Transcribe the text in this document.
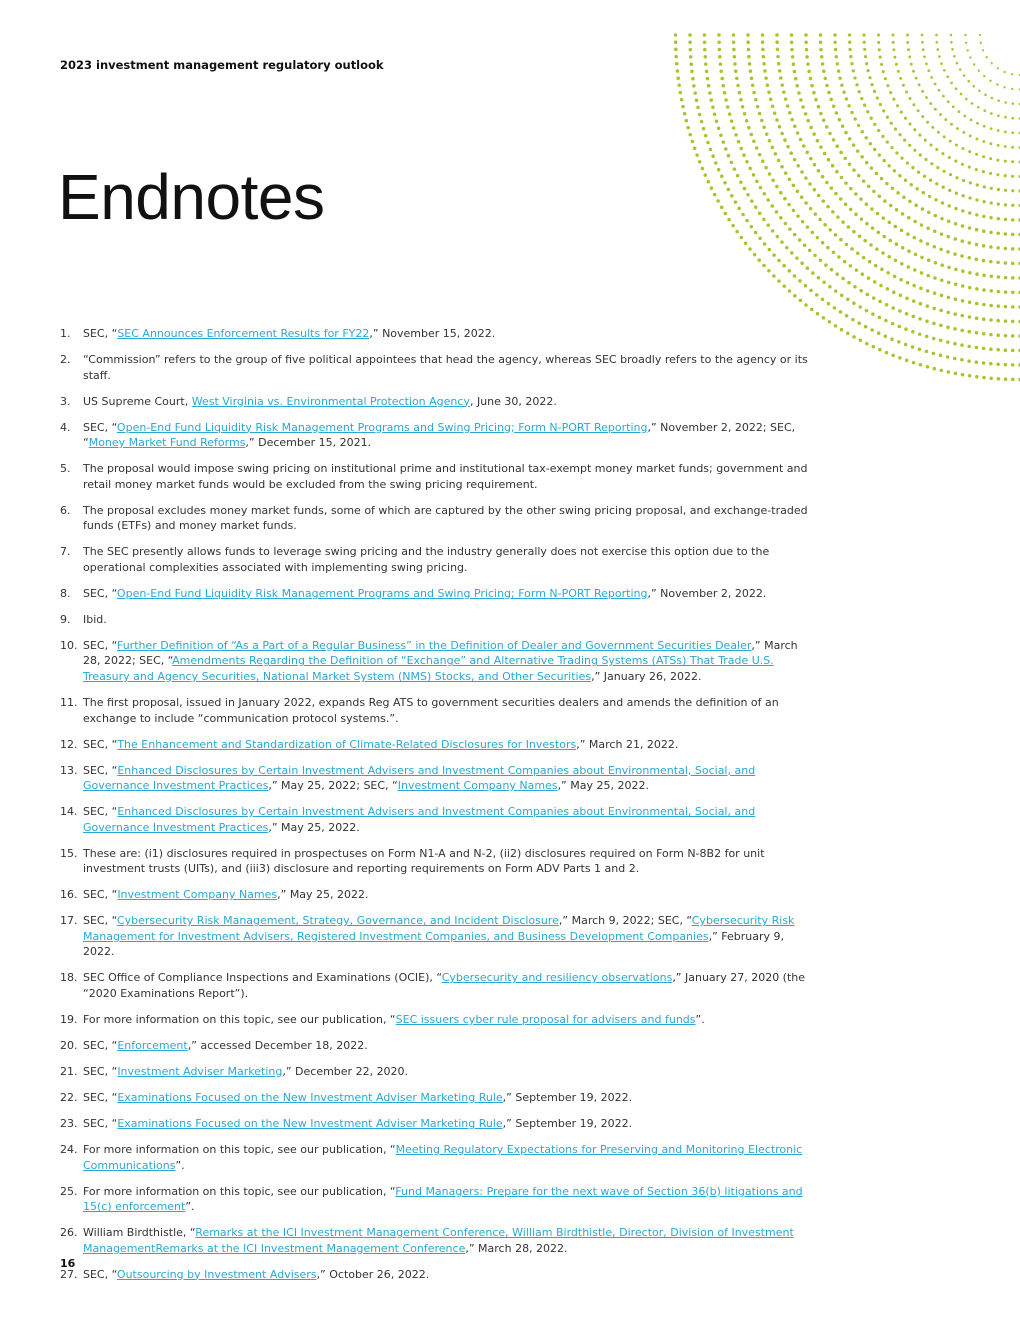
2023 investment management regulatory outlook
Endnotes
1. SEC, “SEC Announces Enforcement Results for FY22,” November 15, 2022.
2. “Commission” refers to the group of five political appointees that head the agency, whereas SEC broadly refers to the agency or its staff.
3. US Supreme Court, West Virginia vs. Environmental Protection Agency, June 30, 2022.
4. SEC, “Open-End Fund Liquidity Risk Management Programs and Swing Pricing; Form N-PORT Reporting,” November 2, 2022; SEC, “Money Market Fund Reforms,” December 15, 2021.
5. The proposal would impose swing pricing on institutional prime and institutional tax-exempt money market funds; government and retail money market funds would be excluded from the swing pricing requirement.
6. The proposal excludes money market funds, some of which are captured by the other swing pricing proposal, and exchange-traded funds (ETFs) and money market funds.
7. The SEC presently allows funds to leverage swing pricing and the industry generally does not exercise this option due to the operational complexities associated with implementing swing pricing.
8. SEC, “Open-End Fund Liquidity Risk Management Programs and Swing Pricing; Form N-PORT Reporting,” November 2, 2022.
9. Ibid.
10. SEC, “Further Definition of “As a Part of a Regular Business” in the Definition of Dealer and Government Securities Dealer,” March 28, 2022; SEC, “Amendments Regarding the Definition of “Exchange” and Alternative Trading Systems (ATSs) That Trade U.S. Treasury and Agency Securities, National Market System (NMS) Stocks, and Other Securities,” January 26, 2022.
11. The first proposal, issued in January 2022, expands Reg ATS to government securities dealers and amends the definition of an exchange to include “communication protocol systems.”.
12. SEC, “The Enhancement and Standardization of Climate-Related Disclosures for Investors,” March 21, 2022.
13. SEC, “Enhanced Disclosures by Certain Investment Advisers and Investment Companies about Environmental, Social, and Governance Investment Practices,” May 25, 2022; SEC, “Investment Company Names,” May 25, 2022.
14. SEC, “Enhanced Disclosures by Certain Investment Advisers and Investment Companies about Environmental, Social, and Governance Investment Practices,” May 25, 2022.
15. These are: (i1) disclosures required in prospectuses on Form N1-A and N-2, (ii2) disclosures required on Form N-8B2 for unit investment trusts (UITs), and (iii3) disclosure and reporting requirements on Form ADV Parts 1 and 2.
16. SEC, “Investment Company Names,” May 25, 2022.
17. SEC, “Cybersecurity Risk Management, Strategy, Governance, and Incident Disclosure,” March 9, 2022; SEC, “Cybersecurity Risk Management for Investment Advisers, Registered Investment Companies, and Business Development Companies,” February 9, 2022.
18. SEC Office of Compliance Inspections and Examinations (OCIE), “Cybersecurity and resiliency observations,” January 27, 2020 (the “2020 Examinations Report”).
19. For more information on this topic, see our publication, “SEC issuers cyber rule proposal for advisers and funds”.
20. SEC, “Enforcement,” accessed December 18, 2022.
21. SEC, “Investment Adviser Marketing,” December 22, 2020.
22. SEC, “Examinations Focused on the New Investment Adviser Marketing Rule,” September 19, 2022.
23. SEC, “Examinations Focused on the New Investment Adviser Marketing Rule,” September 19, 2022.
24. For more information on this topic, see our publication, “Meeting Regulatory Expectations for Preserving and Monitoring Electronic Communications”.
25. For more information on this topic, see our publication, “Fund Managers: Prepare for the next wave of Section 36(b) litigations and 15(c) enforcement”.
26. William Birdthistle, “Remarks at the ICI Investment Management Conference, William Birdthistle, Director, Division of Investment ManagementRemarks at the ICI Investment Management Conference,” March 28, 2022.
27. SEC, “Outsourcing by Investment Advisers,” October 26, 2022.
16
